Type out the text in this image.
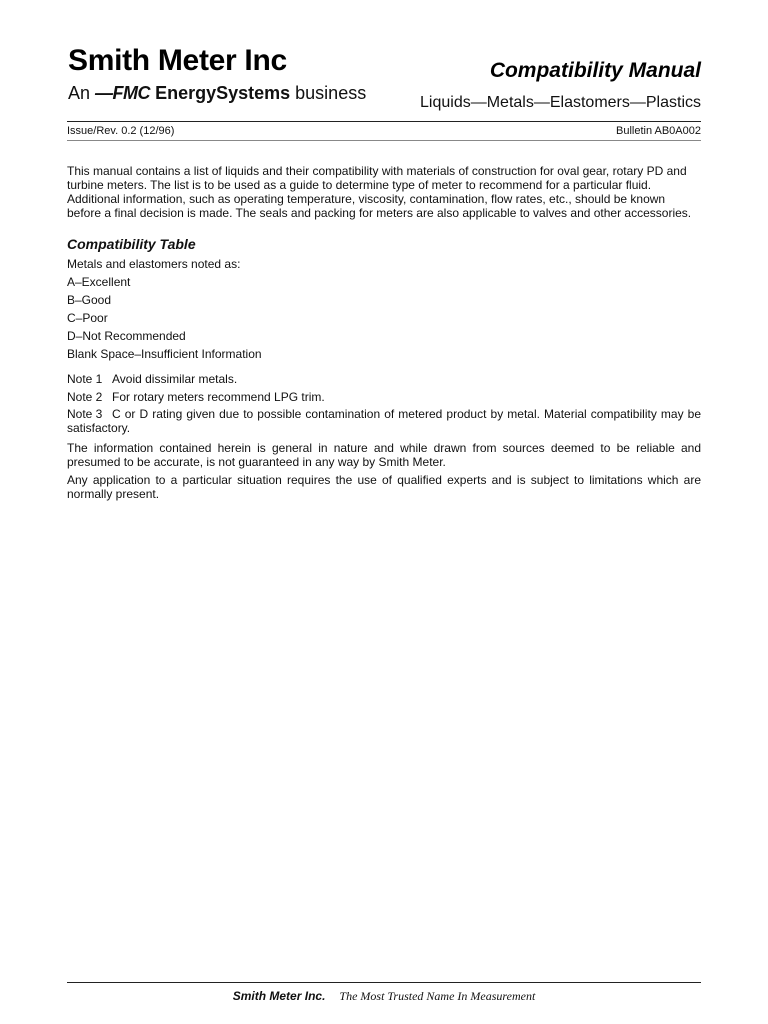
Smith Meter Inc
An —FMC EnergySystems business
Compatibility Manual
Liquids—Metals—Elastomers—Plastics
Issue/Rev. 0.2 (12/96)	Bulletin AB0A002

This manual contains a list of liquids and their compatibility with materials of construction for oval gear, rotary PD and turbine meters. The list is to be used as a guide to determine type of meter to recommend for a particular fluid. Additional information, such as operating temperature, viscosity, contamination, flow rates, etc., should be known before a final decision is made. The seals and packing for meters are also applicable to valves and other accessories.

Compatibility Table
Metals and elastomers noted as:
A–Excellent
B–Good
C–Poor
D–Not Recommended
Blank Space–Insufficient Information
Note 1 Avoid dissimilar metals.
Note 2 For rotary meters recommend LPG trim.
Note 3 C or D rating given due to possible contamination of metered product by metal. Material compatibility may be satisfactory.

The information contained herein is general in nature and while drawn from sources deemed to be reliable and presumed to be accurate, is not guaranteed in any way by Smith Meter.

Any application to a particular situation requires the use of qualified experts and is subject to limitations which are normally present.

Smith Meter Inc. The Most Trusted Name In Measurement
